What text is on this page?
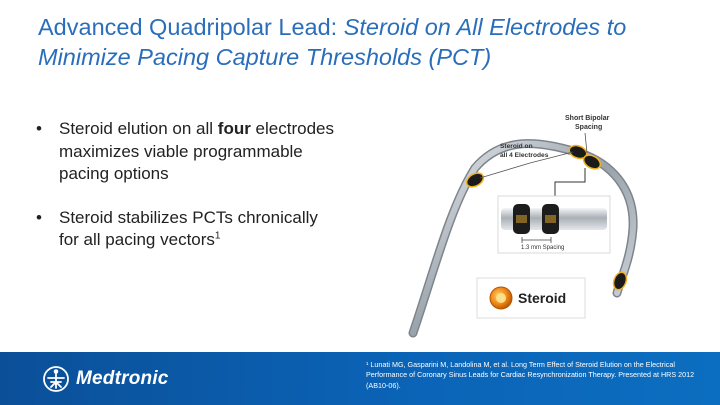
Advanced Quadripolar Lead: Steroid on All Electrodes to Minimize Pacing Capture Thresholds (PCT)
• Steroid elution on all four electrodes maximizes viable programmable pacing options
• Steroid stabilizes PCTs chronically for all pacing vectors$^1$
Short Bipolar
Spacing
Steroid on
all 4 Electrodes
1.3 mm Spacing
Steroid
Medtronic
¹ Lunati MG, Gasparini M, Landolina M, et al. Long Term Effect of Steroid Elution on the Electrical Performance of Coronary Sinus Leads for Cardiac Resynchronization Therapy. Presented at HRS 2012 (AB10-06).
